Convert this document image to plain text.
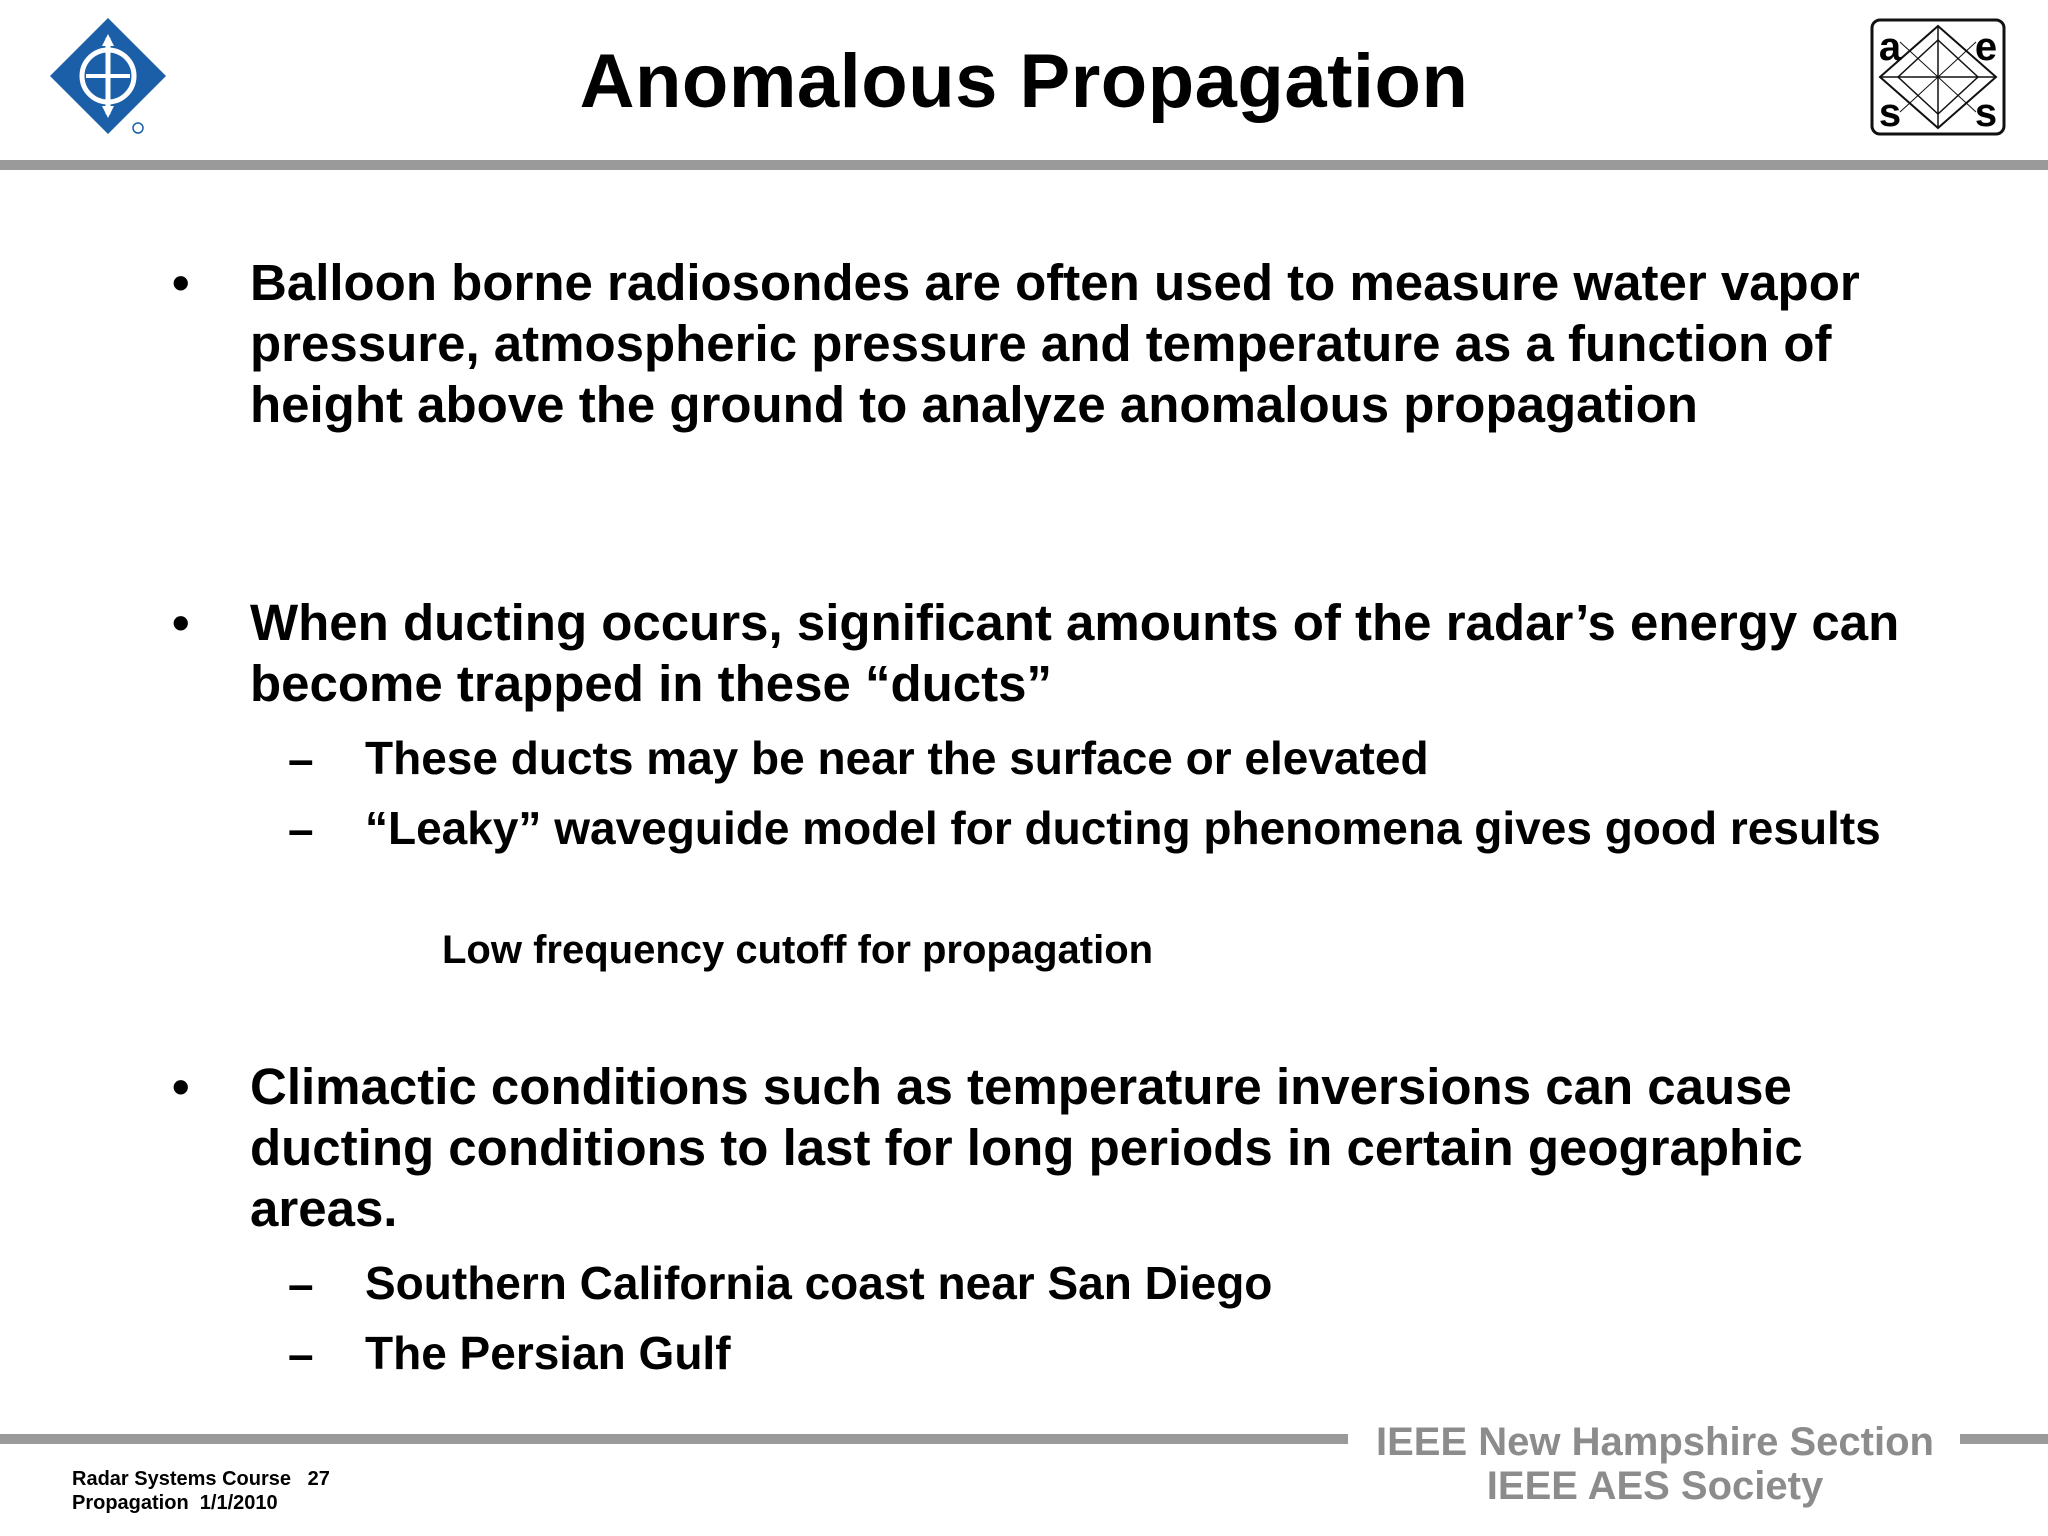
Anomalous Propagation	a e
s s
• Balloon borne radiosondes are often used to measure water vapor pressure, atmospheric pressure and temperature as a function of height above the ground to analyze anomalous propagation
• When ducting occurs, significant amounts of the radar’s energy can become trapped in these “ducts”
– These ducts may be near the surface or elevated
– “Leaky” waveguide model for ducting phenomena gives good results
Low frequency cutoff for propagation
• Climactic conditions such as temperature inversions can cause ducting conditions to last for long periods in certain geographic areas.
– Southern California coast near San Diego
– The Persian Gulf
IEEE New Hampshire Section
IEEE AES Society
Radar Systems Course 27
Propagation 1/1/2010
